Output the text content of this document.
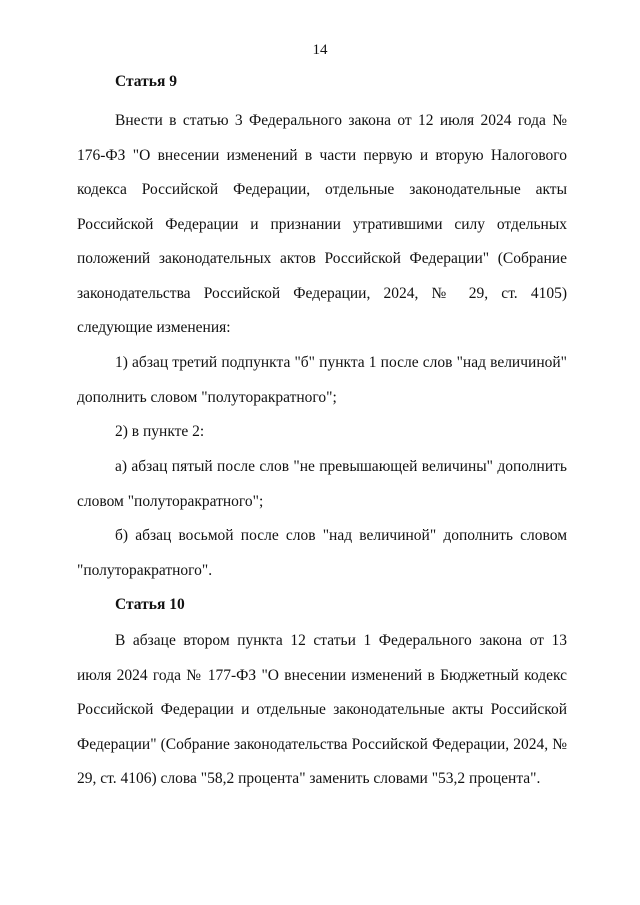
14
Статья 9
Внести в статью 3 Федерального закона от 12 июля 2024 года № 176-ФЗ "О внесении изменений в части первую и вторую Налогового кодекса Российской Федерации, отдельные законодательные акты Российской Федерации и признании утратившими силу отдельных положений законодательных актов Российской Федерации" (Собрание законодательства Российской Федерации, 2024, № 29, ст. 4105) следующие изменения:
1) абзац третий подпункта "б" пункта 1 после слов "над величиной" дополнить словом "полуторакратного";
2) в пункте 2:
а) абзац пятый после слов "не превышающей величины" дополнить словом "полуторакратного";
б) абзац восьмой после слов "над величиной" дополнить словом "полуторакратного".
Статья 10
В абзаце втором пункта 12 статьи 1 Федерального закона от 13 июля 2024 года № 177-ФЗ "О внесении изменений в Бюджетный кодекс Российской Федерации и отдельные законодательные акты Российской Федерации" (Собрание законодательства Российской Федерации, 2024, № 29, ст. 4106) слова "58,2 процента" заменить словами "53,2 процента".
